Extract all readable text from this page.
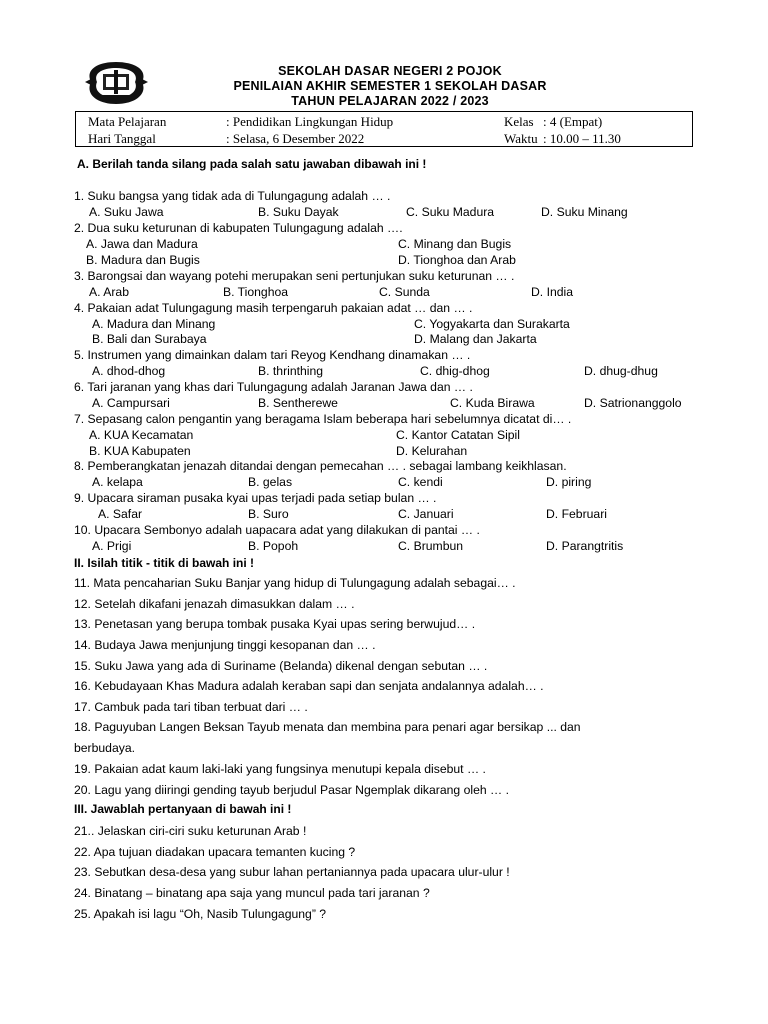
SEKOLAH DASAR NEGERI 2 POJOK
PENILAIAN AKHIR SEMESTER 1 SEKOLAH DASAR
TAHUN PELAJARAN 2022 / 2023
Mata Pelajaran	: Pendidikan Lingkungan Hidup	Kelas : 4 (Empat)
Hari Tanggal	: Selasa, 6 Desember 2022	Waktu : 10.00 – 11.30
A. Berilah tanda silang pada salah satu jawaban dibawah ini !
1. Suku bangsa yang tidak ada di Tulungagung adalah … .
A. Suku Jawa	B. Suku Dayak	C. Suku Madura	D. Suku Minang
2. Dua suku keturunan di kabupaten Tulungagung adalah ….
A. Jawa dan Madura	C. Minang dan Bugis
B. Madura dan Bugis	D. Tionghoa dan Arab
3. Barongsai dan wayang potehi merupakan seni pertunjukan suku keturunan … .
A. Arab	B. Tionghoa	C. Sunda	D. India
4. Pakaian adat Tulungagung masih terpengaruh pakaian adat … dan … .
A. Madura dan Minang	C. Yogyakarta dan Surakarta
B. Bali dan Surabaya	D. Malang dan Jakarta
5. Instrumen yang dimainkan dalam tari Reyog Kendhang dinamakan … .
A. dhod-dhog	B. thrinthing	C. dhig-dhog	D. dhug-dhug
6. Tari jaranan yang khas dari Tulungagung adalah Jaranan Jawa dan … .
A. Campursari	B. Sentherewe	C. Kuda Birawa	D. Satrionanggolo
7. Sepasang calon pengantin yang beragama Islam beberapa hari sebelumnya dicatat di… .
A. KUA Kecamatan	C. Kantor Catatan Sipil
B. KUA Kabupaten	D. Kelurahan
8. Pemberangkatan jenazah ditandai dengan pemecahan … . sebagai lambang keikhlasan.
A. kelapa	B. gelas	C. kendi	D. piring
9. Upacara siraman pusaka kyai upas terjadi pada setiap bulan … .
A. Safar	B. Suro	C. Januari	D. Februari
10. Upacara Sembonyo adalah uapacara adat yang dilakukan di pantai … .
A. Prigi	B. Popoh	C. Brumbun	D. Parangtritis
II. Isilah titik - titik di bawah ini !
11. Mata pencaharian Suku Banjar yang hidup di Tulungagung adalah sebagai… .
12. Setelah dikafani jenazah dimasukkan dalam … .
13. Penetasan yang berupa tombak pusaka Kyai upas sering berwujud… .
14. Budaya Jawa menjunjung tinggi kesopanan dan … .
15. Suku Jawa yang ada di Suriname (Belanda) dikenal dengan sebutan … .
16. Kebudayaan Khas Madura adalah keraban sapi dan senjata andalannya adalah… .
17. Cambuk pada tari tiban terbuat dari … .
18. Paguyuban Langen Beksan Tayub menata dan membina para penari agar bersikap ... dan
berbudaya.
19. Pakaian adat kaum laki-laki yang fungsinya menutupi kepala disebut … .
20. Lagu yang diiringi gending tayub berjudul Pasar Ngemplak dikarang oleh … .
III. Jawablah pertanyaan di bawah ini !
21.. Jelaskan ciri-ciri suku keturunan Arab !
22. Apa tujuan diadakan upacara temanten kucing ?
23. Sebutkan desa-desa yang subur lahan pertaniannya pada upacara ulur-ulur !
24. Binatang – binatang apa saja yang muncul pada tari jaranan ?
25. Apakah isi lagu “Oh, Nasib Tulungagung” ?
